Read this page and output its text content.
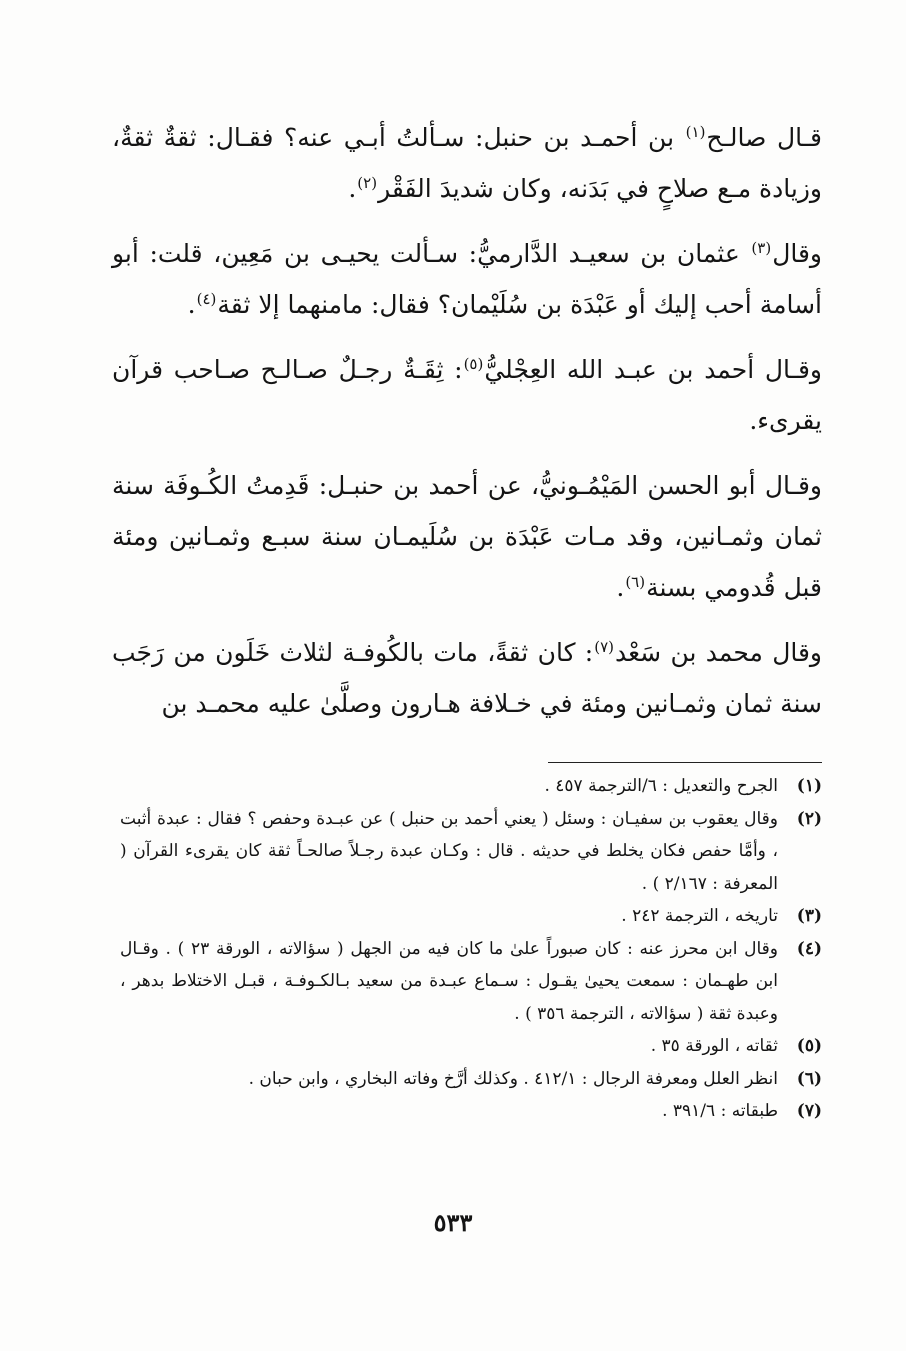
قـال صالـح$^{(١)}$ بن أحمـد بن حنبل: سـألتُ أبـي عنه؟ فقـال: ثقةٌ ثقةٌ، وزيادة مـع صلاحٍ في بَدَنه، وكان شديدَ الفَقْر$^{(٢)}$.

وقال$^{(٣)}$ عثمان بن سعيـد الدَّارميُّ: سـألت يحيـى بن مَعِين، قلت: أبو أسامة أحب إليك أو عَبْدَة بن سُلَيْمان؟ فقال: مامنهما إلا ثقة$^{(٤)}$.

وقـال أحمد بن عبـد الله العِجْليُّ$^{(٥)}$: ثِقَـةٌ رجـلٌ صـالـح صـاحب قرآن يقرىء.

وقـال أبو الحسن المَيْمُـونيُّ، عن أحمد بن حنبـل: قَدِمتُ الكُـوفَة سنة ثمان وثمـانين، وقد مـات عَبْدَة بن سُلَيمـان سنة سبـع وثمـانين ومئة قبل قُدومي بسنة$^{(٦)}$.

وقال محمد بن سَعْد$^{(٧)}$: كان ثقةً، مات بالكُوفـة لثلاث خَلَون من رَجَب سنة ثمان وثمـانين ومئة في خـلافة هـارون وصلَّىٰ عليه محمـد بن

(١)
الجرح والتعديل : ٦/الترجمة ٤٥٧ .
(٢)
وقال يعقوب بن سفيـان : وسئل ( يعني أحمد بن حنبل ) عن عبـدة وحفص ؟ فقال : عبدة أثبت ، وأمَّا حفص فكان يخلط في حديثه . قال : وكـان عبدة رجـلاً صالحـاً ثقة كان يقرىء القرآن ( المعرفة : ٢/١٦٧ ) .
(٣)
تاريخه ، الترجمة ٢٤٢ .
(٤)
وقال ابن محرز عنه : كان صبوراً علىٰ ما كان فيه من الجهل ( سؤالاته ، الورقة ٢٣ ) . وقـال ابن طهـمان : سمعت يحيىٰ يقـول : سـماع عبـدة من سعيد بـالكـوفـة ، قبـل الاختلاط بدهر ، وعبدة ثقة ( سؤالاته ، الترجمة ٣٥٦ ) .
(٥)
ثقاته ، الورقة ٣٥ .
(٦)
انظر العلل ومعرفة الرجال : ٤١٢/١ . وكذلك أرَّخ وفاته البخاري ، وابن حبان .
(٧)
طبقاته : ٣٩١/٦ .
٥٣٣
